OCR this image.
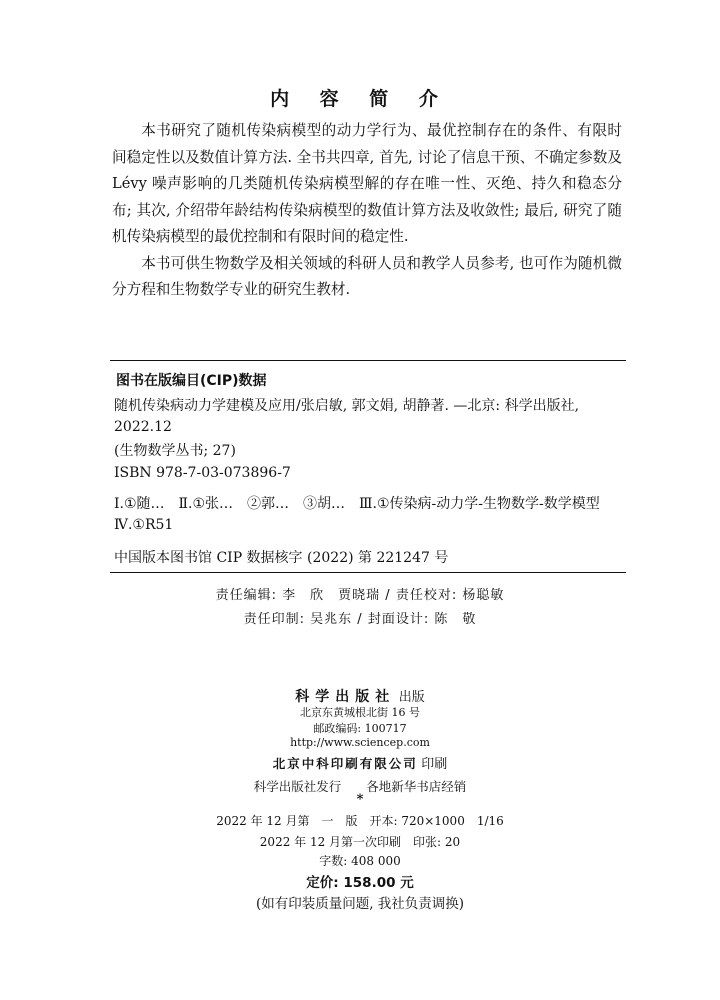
内 容 简 介

本书研究了随机传染病模型的动力学行为、最优控制存在的条件、有限时间稳定性以及数值计算方法. 全书共四章, 首先, 讨论了信息干预、不确定参数及 Lévy 噪声影响的几类随机传染病模型解的存在唯一性、灭绝、持久和稳态分布; 其次, 介绍带年龄结构传染病模型的数值计算方法及收敛性; 最后, 研究了随机传染病模型的最优控制和有限时间的稳定性.

本书可供生物数学及相关领域的科研人员和教学人员参考, 也可作为随机微分方程和生物数学专业的研究生教材.

图书在版编目(CIP)数据
随机传染病动力学建模及应用/张启敏, 郭文娟, 胡静著. —北京: 科学出版社, 2022.12
(生物数学丛书; 27)
ISBN 978-7-03-073896-7
Ⅰ.①随…　Ⅱ.①张…　②郭…　③胡…　Ⅲ.①传染病-动力学-生物数学-数学模型　Ⅳ.①R51
中国版本图书馆 CIP 数据核字 (2022) 第 221247 号
责任编辑: 李　欣　贾晓瑞 / 责任校对: 杨聪敏
责任印制: 吴兆东 / 封面设计: 陈　敬
科学出版社 出版
北京东黄城根北街 16 号
邮政编码: 100717
http://www.sciencep.com
北京中科印刷有限公司 印刷
科学出版社发行　　各地新华书店经销
*
2022 年 12 月第　一　版　开本: 720×1000　1/16
2022 年 12 月第一次印刷　印张: 20
字数: 408 000
定价: 158.00 元
(如有印装质量问题, 我社负责调换)
